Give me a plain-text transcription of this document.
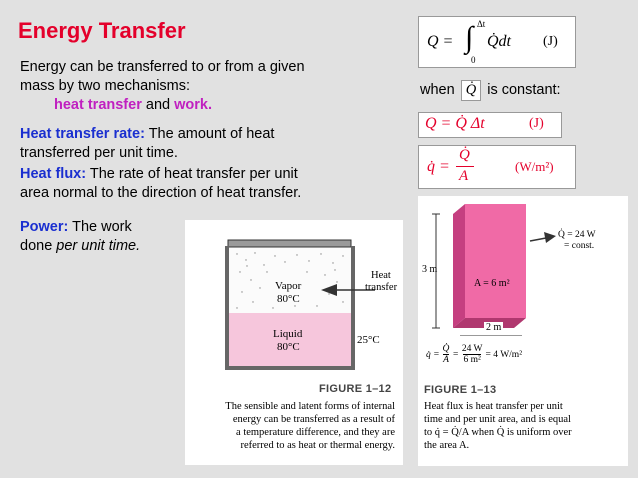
Energy Transfer
Energy can be transferred to or from a given
mass by two mechanisms:
heat transfer and work.
Heat transfer rate: The amount of heat
transferred per unit time.
Heat flux: The rate of heat transfer per unit
area normal to the direction of heat transfer.
Power: The work
done per unit time.
Q = ∫ Δt
0
Q̇dt (J)
when Q̇ is constant:
Q = Q̇ Δt	(J)
q̇ =
Q̇
A
(W/m²)
Vapor
80°C
Liquid
80°C
Heat
transfer
25°C
FIGURE 1–12
The sensible and latent forms of internal
energy can be transferred as a result of
a temperature difference, and they are
referred to as heat or thermal energy.
Q̇ = 24 W
= const.
3 m
A = 6 m²
2 m
q̇ = $\frac{Q̇}{A} = \frac{24 W}{\text{6 m²}} = 4$ W/m²
FIGURE 1–13
Heat flux is heat transfer per unit
time and per unit area, and is equal
to q̇ = Q̇/A when Q̇ is uniform over
the area A.
